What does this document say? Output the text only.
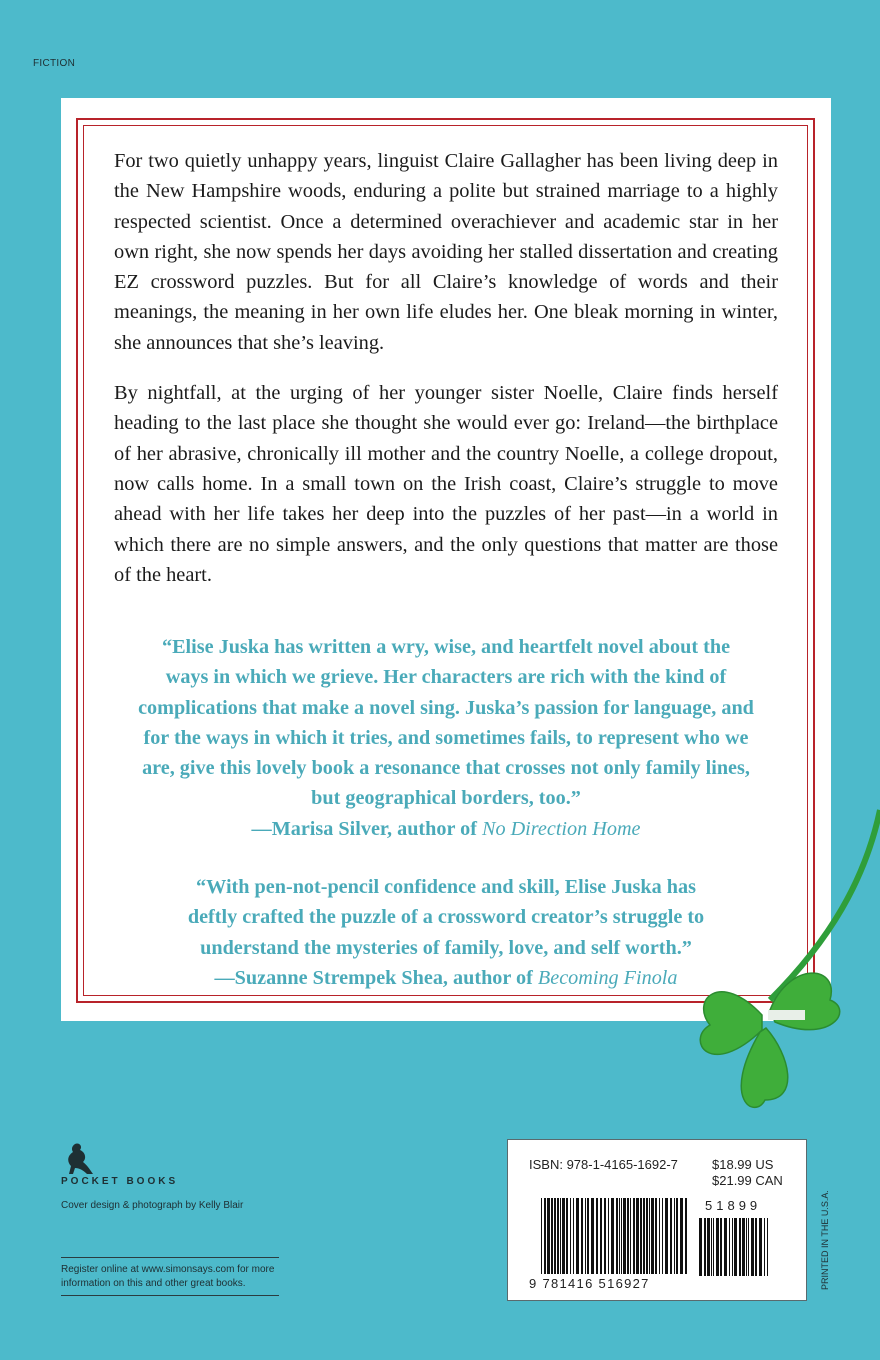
FICTION

For two quietly unhappy years, linguist Claire Gallagher has been living deep in the New Hampshire woods, enduring a polite but strained marriage to a highly respected scientist. Once a determined overachiever and academic star in her own right, she now spends her days avoiding her stalled dissertation and creating EZ crossword puzzles. But for all Claire’s knowledge of words and their meanings, the meaning in her own life eludes her. One bleak morning in winter, she announces that she’s leaving.

By nightfall, at the urging of her younger sister Noelle, Claire finds herself heading to the last place she thought she would ever go: Ireland—the birthplace of her abrasive, chronically ill mother and the country Noelle, a college dropout, now calls home. In a small town on the Irish coast, Claire’s struggle to move ahead with her life takes her deep into the puzzles of her past—in a world in which there are no simple answers, and the only questions that matter are those of the heart.

“Elise Juska has written a wry, wise, and heartfelt novel about the
ways in which we grieve. Her characters are rich with the kind of
complications that make a novel sing. Juska’s passion for language, and
for the ways in which it tries, and sometimes fails, to represent who we
are, give this lovely book a resonance that crosses not only family lines,
but geographical borders, too.”
—Marisa Silver, author of No Direction Home
“With pen-not-pencil confidence and skill, Elise Juska has
deftly crafted the puzzle of a crossword creator’s struggle to
understand the mysteries of family, love, and self worth.”
—Suzanne Strempek Shea, author of Becoming Finola
POCKET BOOKS
Cover design & photograph by Kelly Blair
Register online at www.simonsays.com for more
information on this and other great books.
ISBN: 978-1-4165-1692-7	$18.99 US
$21.99 CAN
51899
9 781416 516927	PRINTED IN THE U.S.A.
